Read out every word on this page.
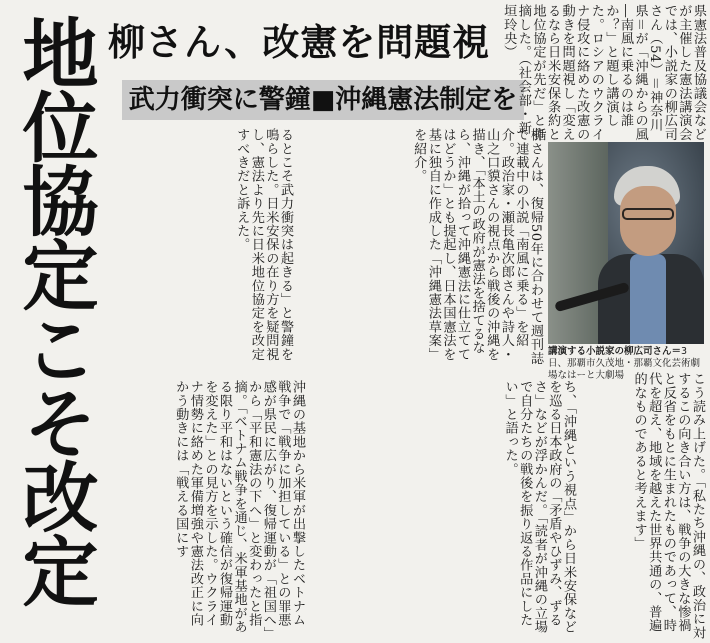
地位協定こそ改定 柳さん、改憲を問題視
武力衝突に警鐘■沖縄憲法制定を	県憲法普及協議会などが主催した憲法講演会では、小説家の柳広司さん（54）＝神奈川県＝が「沖縄からの風―南風に乗るのは誰か？」と題し講演した。ロシアのウクライナ侵攻に絡めた改憲の動きを問題視し「変えるなら日米安保条約と地位協定が先だ」と指摘した。（社会部・新垣玲央）
講演する小説家の柳広司さん＝3日、那覇市久茂地・那覇文化芸術劇場なはーと大劇場
柳さんは、復帰50年に合わせて週刊誌で連載中の小説「南風に乗る」を紹介。政治家・瀬長亀次郎さんや詩人・山之口貘さんの視点から戦後の沖縄を描き、「本土の政府が憲法を捨てるなら、沖縄が拾って沖縄憲法に仕立ててはどうか」とも提起し、日本国憲法を基に独自に作成した「沖縄憲法草案」を紹介。
るとこそ武力衝突は起きる」と警鐘を鳴らした。日米安保の在り方を疑問視し、憲法より先に日米地位協定を改定すべきだと訴えた。
ち、「沖縄という視点」から日米安保などを巡る日本政府の「矛盾やひずみ、ずるさ」などが浮かんだ。「読者が沖縄の立場で自分たちの戦後を振り返る作品にしたい」と語った。
沖縄の基地から米軍が出撃したベトナム戦争で「戦争に加担している」との罪悪感が県民に広がり、復帰運動が「祖国へ」から「平和憲法の下へ」と変わったと指摘。「ベトナム戦争を通じ、米軍基地がある限り平和はないという確信が復帰運動を変えた」との見方を示した。ウクライナ情勢に絡めた軍備増強や憲法改正に向かう動きには「戦える国にす	こう読み上げた。「私たち沖縄の、政治に対するこの向き合い方は、戦争の大きな惨禍と反省をもとに生まれたものであって、時代を超え、地域を越えた世界共通の、普遍的なものであると考えます」
